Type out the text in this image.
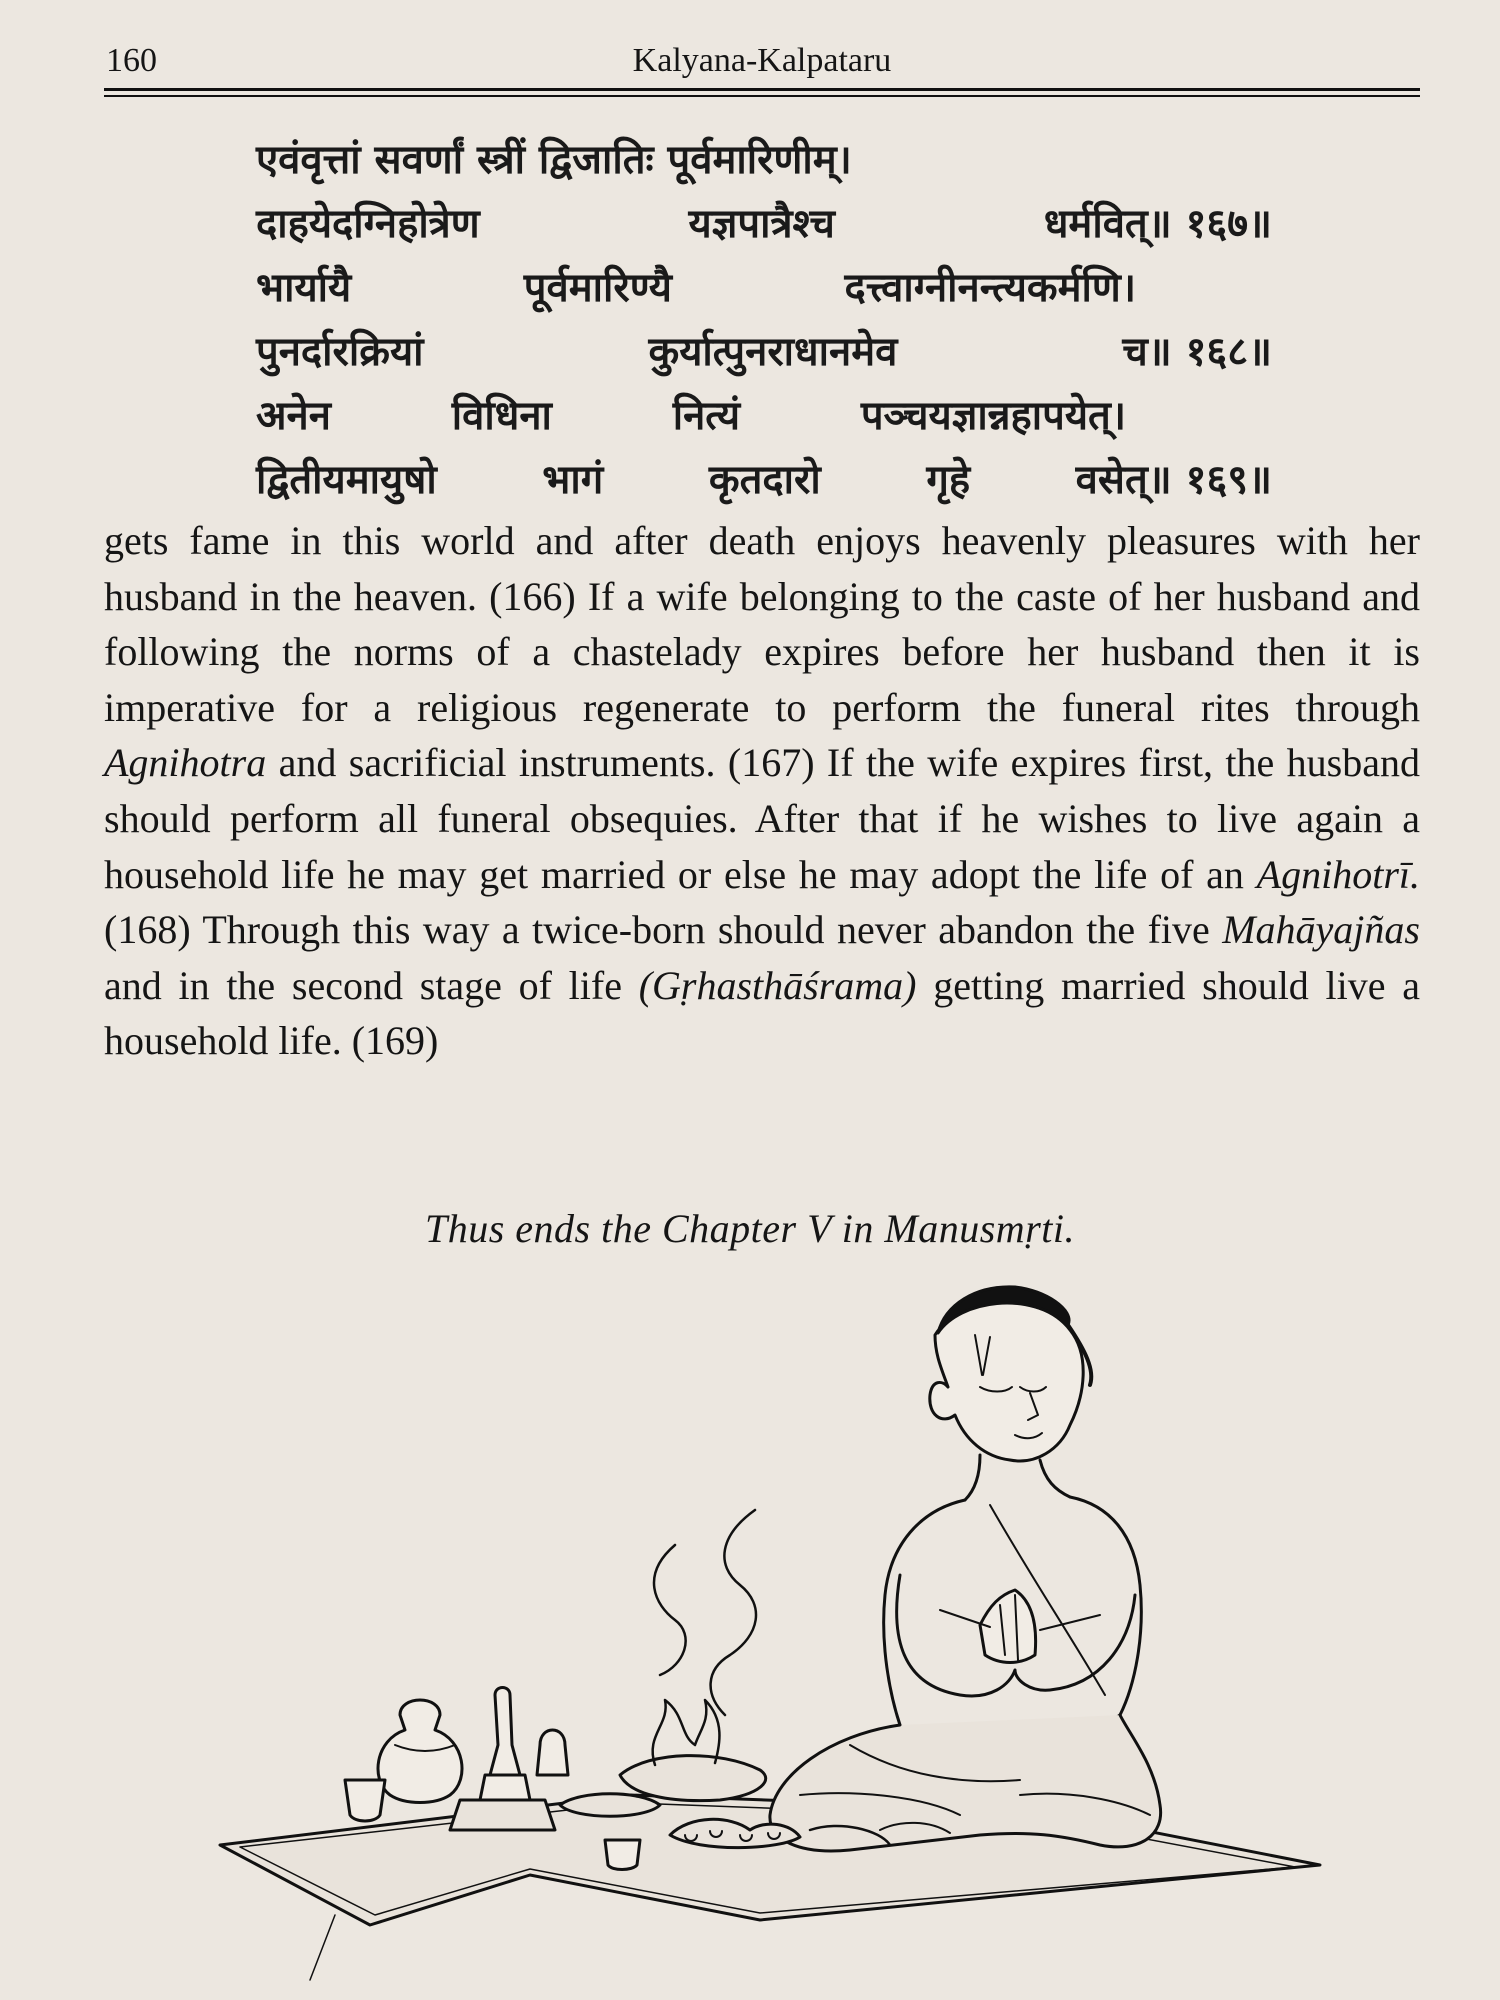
160	Kalyana-Kalpataru
एवंवृत्तां सवर्णां स्त्रीं द्विजातिः पूर्वमारिणीम्।
दाहयेदग्निहोत्रेण	यज्ञपात्रैश्च	धर्मवित्॥ १६७॥
भार्यायै	पूर्वमारिण्यै	दत्त्वाग्नीनन्त्यकर्मणि।
पुनर्दारक्रियां	कुर्यात्पुनराधानमेव	च॥ १६८॥
अनेन	विधिना	नित्यं	पञ्चयज्ञान्नहापयेत्।
द्वितीयमायुषो	भागं	कृतदारो	गृहे	वसेत्॥ १६९॥

gets fame in this world and after death enjoys heavenly pleasures with her husband in the heaven. (166) If a wife belonging to the caste of her husband and following the norms of a chastelady expires before her husband then it is imperative for a religious regenerate to perform the funeral rites through Agnihotra and sacrificial instruments. (167) If the wife expires first, the husband should perform all funeral obsequies. After that if he wishes to live again a household life he may get married or else he may adopt the life of an Agnihotrī. (168) Through this way a twice-born should never abandon the five Mahāyajñas and in the second stage of life (Gṛhasthāśrama) getting married should live a household life. (169)

Thus ends the Chapter V in Manusmṛti.
